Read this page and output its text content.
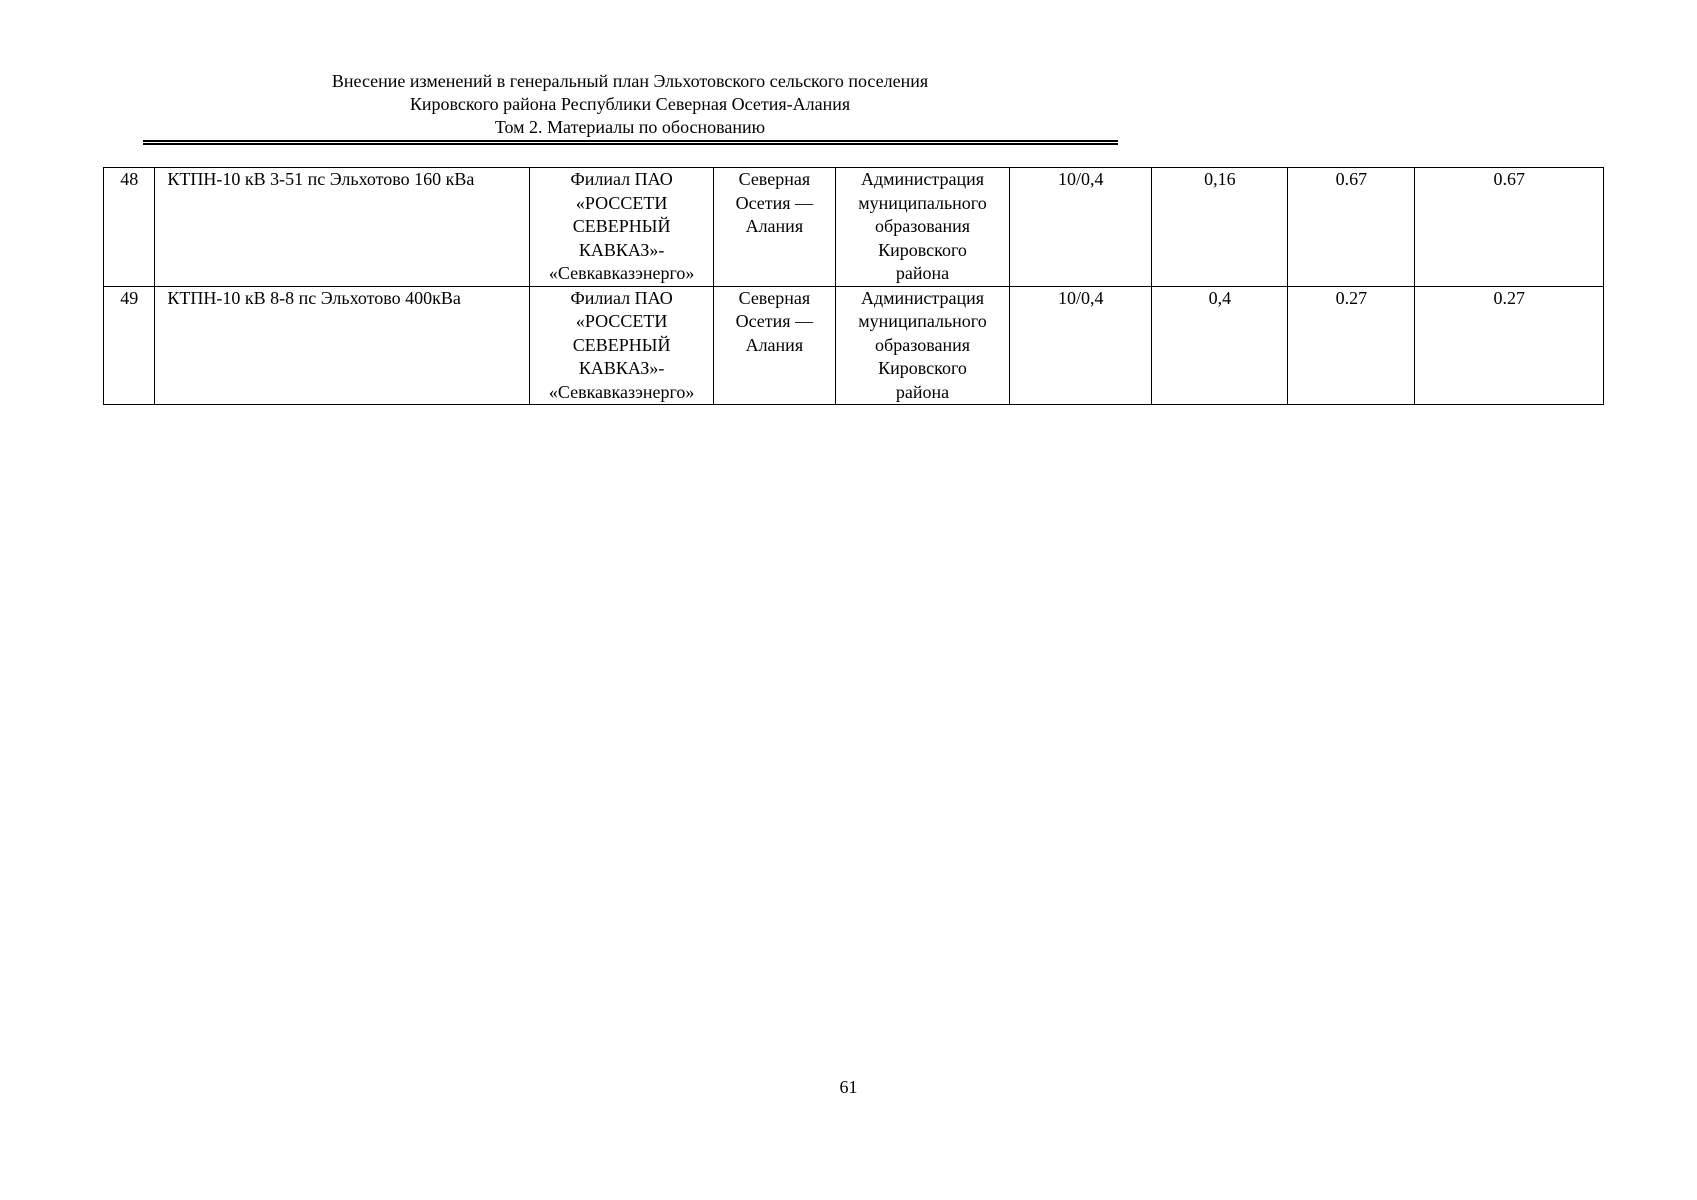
Внесение изменений в генеральный план Эльхотовского сельского поселения
Кировского района Республики Северная Осетия-Алания
Том 2. Материалы по обоснованию
48	КТПН-10 кВ 3-51 пс Эльхотово 160 кВа	Филиал ПАО
«РОССЕТИ
СЕВЕРНЫЙ
КАВКАЗ»-
«Севкавказэнерго»	Северная
Осетия —
Алания	Администрация
муниципального
образования
Кировского
района	10/0,4	0,16	0.67	0.67
49	КТПН-10 кВ 8-8 пс Эльхотово 400кВа	Филиал ПАО
«РОССЕТИ
СЕВЕРНЫЙ
КАВКАЗ»-
«Севкавказэнерго»	Северная
Осетия —
Алания	Администрация
муниципального
образования
Кировского
района	10/0,4	0,4	0.27	0.27
61
